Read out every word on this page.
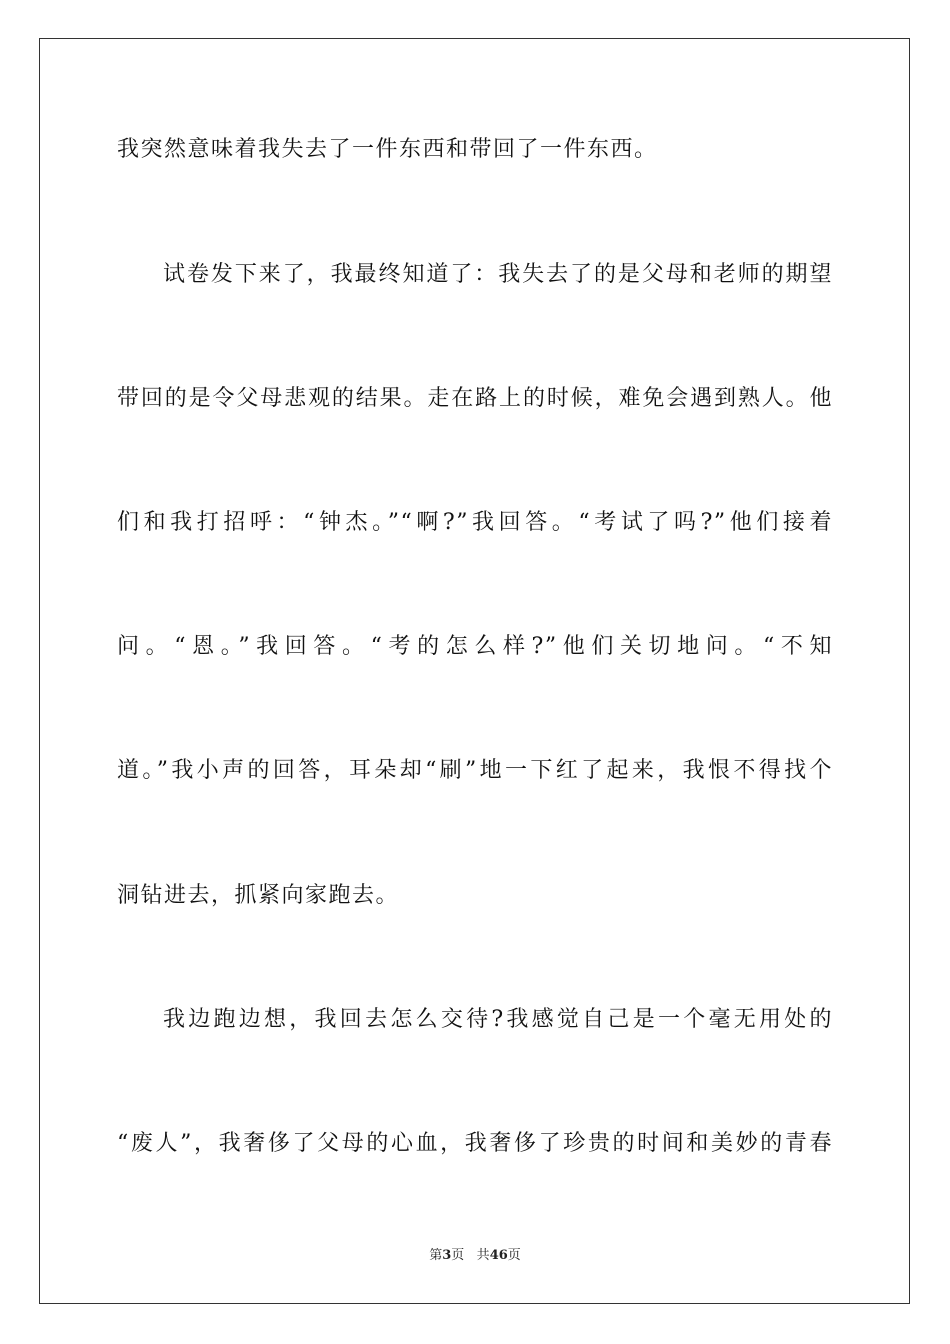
我突然意味着我失去了一件东西和带回了一件东西。
试卷发下来了，我最终知道了：我失去了的是父母和老师的期望
带回的是令父母悲观的结果。走在路上的时候，难免会遇到熟人。他
们和我打招呼：“钟杰。”“啊?”我回答。“考试了吗?”他们接着
问。“恩。”我回答。“考的怎么样?”他们关切地问。“不知
道。”我小声的回答，耳朵却“刷”地一下红了起来，我恨不得找个
洞钻进去，抓紧向家跑去。
我边跑边想，我回去怎么交待?我感觉自己是一个毫无用处的
“废人”，我奢侈了父母的心血，我奢侈了珍贵的时间和美妙的青春
第3页 共46页
